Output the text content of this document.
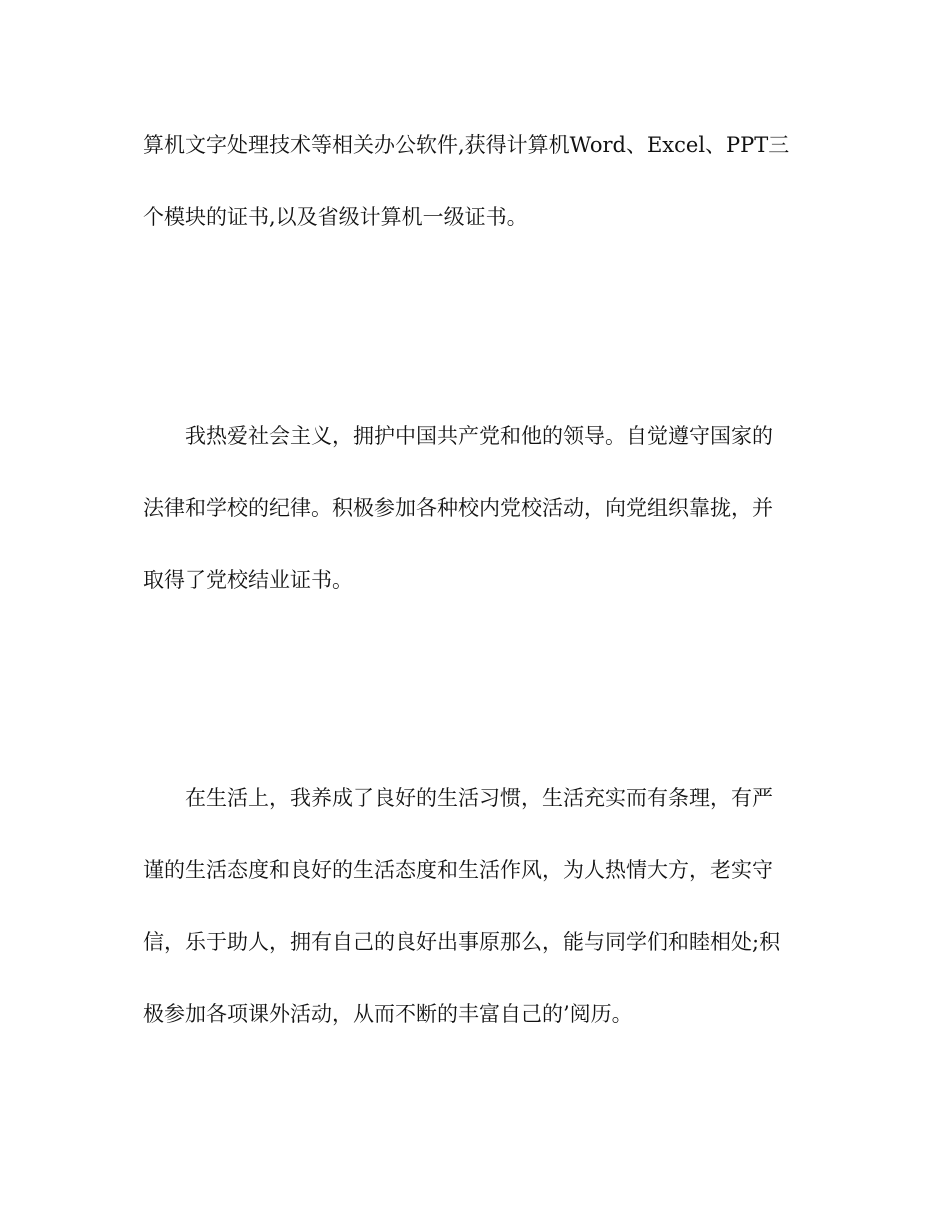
算机文字处理技术等相关办公软件,获得计算机Word、Excel、PPT三
个模块的证书,以及省级计算机一级证书。
我热爱社会主义，拥护中国共产党和他的领导。自觉遵守国家的
法律和学校的纪律。积极参加各种校内党校活动，向党组织靠拢，并
取得了党校结业证书。
在生活上，我养成了良好的生活习惯，生活充实而有条理，有严
谨的生活态度和良好的生活态度和生活作风，为人热情大方，老实守
信，乐于助人，拥有自己的良好出事原那么，能与同学们和睦相处;积
极参加各项课外活动，从而不断的丰富自己的’阅历。
